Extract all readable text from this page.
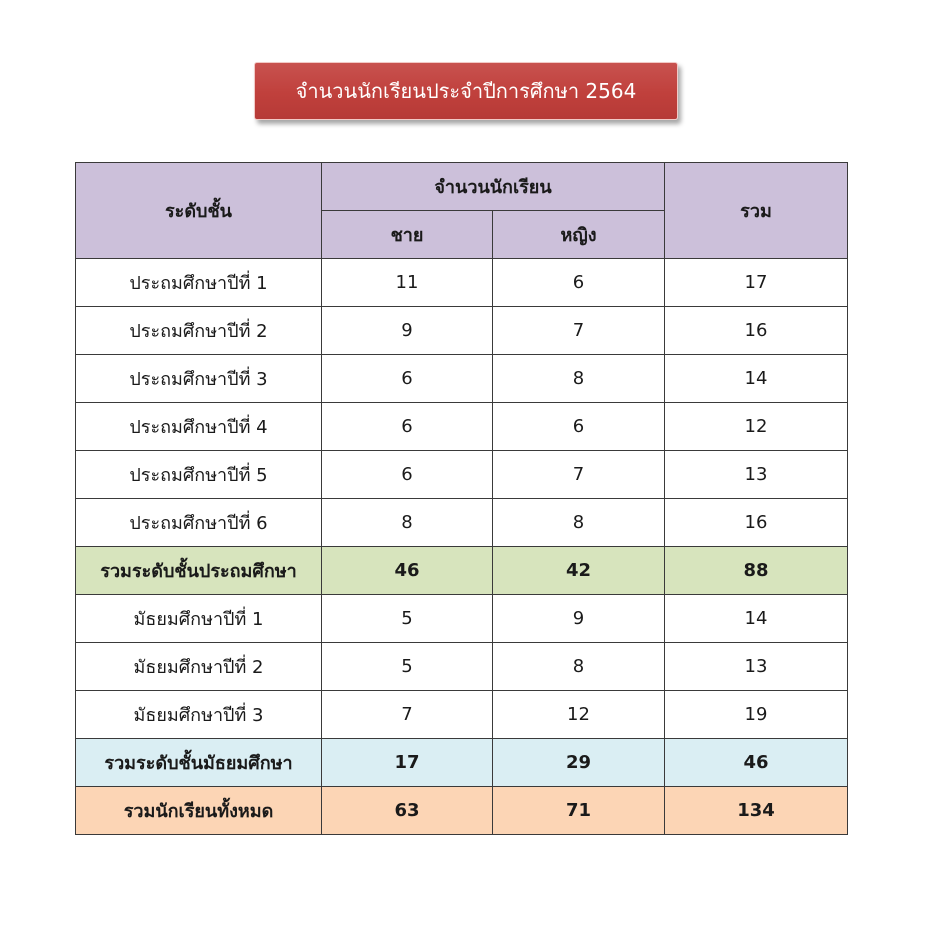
จำนวนนักเรียนประจำปีการศึกษา 2564
ระดับชั้น	จำนวนนักเรียน		รวม
	ชาย	หญิง	
ประถมศึกษาปีที่ 1	11	6	17
ประถมศึกษาปีที่ 2	9	7	16
ประถมศึกษาปีที่ 3	6	8	14
ประถมศึกษาปีที่ 4	6	6	12
ประถมศึกษาปีที่ 5	6	7	13
ประถมศึกษาปีที่ 6	8	8	16
รวมระดับชั้นประถมศึกษา	46	42	88
มัธยมศึกษาปีที่ 1	5	9	14
มัธยมศึกษาปีที่ 2	5	8	13
มัธยมศึกษาปีที่ 3	7	12	19
รวมระดับชั้นมัธยมศึกษา	17	29	46
รวมนักเรียนทั้งหมด	63	71	134
